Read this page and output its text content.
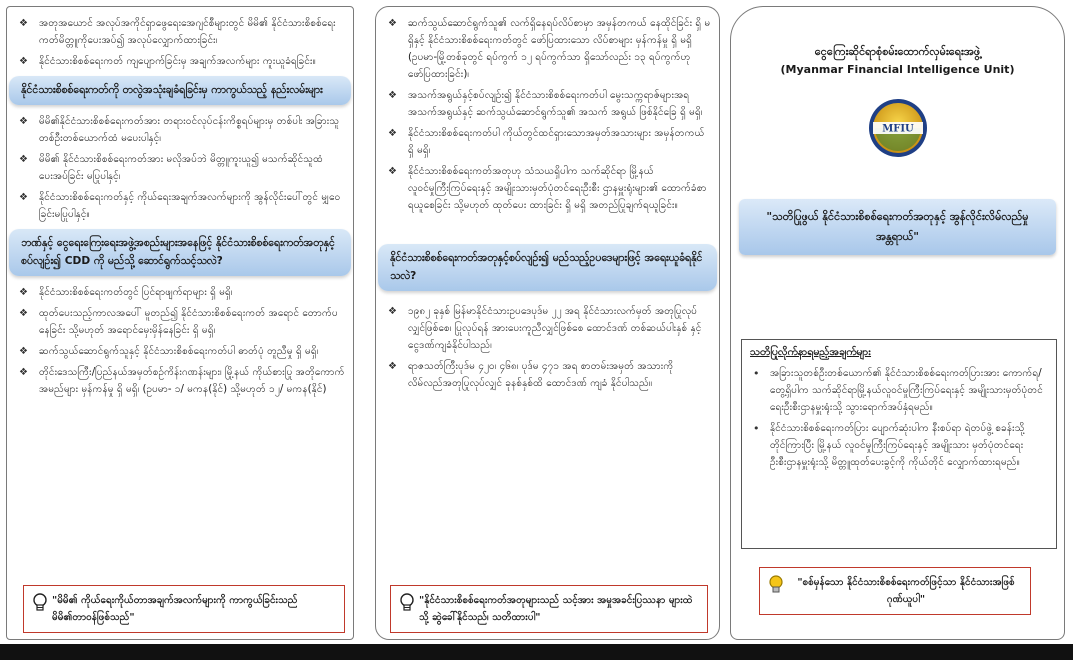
❖ အတုအယောင် အလုပ်အကိုင်ရှာဖွေရေးအေဂျင်စီများတွင် မိမိ၏ နိုင်ငံသားစိစစ်ရေးကတ်မိတ္တူကိုပေးအပ်၍ အလုပ်လျှောက်ထားခြင်း၊
❖ နိုင်ငံသားစိစစ်ရေးကတ် ကျပျောက်ခြင်းမှ အချက်အလက်များ ကူးယူခံရခြင်း။
နိုင်ငံသားစိစစ်ရေးကတ်ကို တလွဲအသုံးချခံရခြင်းမှ ကာကွယ်သည့် နည်းလမ်းများ
❖ မိမိ၏နိုင်ငံသားစိစစ်ရေးကတ်အား တရားဝင်လုပ်ငန်းကိစ္စရပ်များမှ တစ်ပါး အခြားသူတစ်ဦးတစ်ယောက်ထံ မပေးပါနှင့်၊
❖ မိမိ၏ နိုင်ငံသားစိစစ်ရေးကတ်အား မလိုအပ်ဘဲ မိတ္တူကူးယူ၍ မသက်ဆိုင်သူထံ ပေးအပ်ခြင်း မပြုပါနှင့်၊
❖ နိုင်ငံသားစိစစ်ရေးကတ်နှင့် ကိုယ်ရေးအချက်အလက်များကို အွန်လိုင်းပေါ်တွင် မျှဝေခြင်းမပြုပါနှင့်။
ဘဏ်နှင့် ငွေရေးကြေးရေးအဖွဲ့အစည်းများအနေဖြင့် နိုင်ငံသားစိစစ်ရေးကတ်အတုနှင့်စပ်လျဉ်း၍ CDD ကို မည်သို့ ဆောင်ရွက်သင့်သလဲ?
❖ နိုင်ငံသားစိစစ်ရေးကတ်တွင် ပြင်ရာဖျက်ရာများ ရှိ မရှိ၊
❖ ထုတ်ပေးသည့်ကာလအပေါ် မူတည်၍ နိုင်ငံသားစိစစ်ရေးကတ် အရောင် တောက်ပနေခြင်း သို့မဟုတ် အရောင်မှေးမှိန်နေခြင်း ရှိ မရှိ၊
❖ ဆက်သွယ်ဆောင်ရွက်သူနှင့် နိုင်ငံသားစိစစ်ရေးကတ်ပါ ဓာတ်ပုံ တူညီမှု ရှိ မရှိ၊
❖ တိုင်းဒေသကြီး/ပြည်နယ်အမှတ်စဉ်ကိန်းဂဏန်းများ၊ မြို့နယ် ကိုယ်စားပြု အတိုကောက်အမည်များ မှန်ကန်မှု ရှိ မရှိ၊ (ဥပမာ- ၁/ မကန(နိုင်) သို့မဟုတ် ၁၂/ မကန(နိုင်)
"မိမိ၏ ကိုယ်ရေးကိုယ်တာအချက်အလက်များကို ကာကွယ်ခြင်းသည် မိမိ၏တာဝန်ဖြစ်သည်"
❖ ဆက်သွယ်ဆောင်ရွက်သူ၏ လက်ရှိနေရပ်လိပ်စာမှာ အမှန်တကယ် နေထိုင်ခြင်း ရှိ မရှိနှင့် နိုင်ငံသားစိစစ်ရေးကတ်တွင် ဖော်ပြထားသော လိပ်စာများ မှန်ကန်မှု ရှိ မရှိ (ဥပမာ-မြို့တစ်ခုတွင် ရပ်ကွက် ၁၂ ရပ်ကွက်သာ ရှိသော်လည်း ၁၃ ရပ်ကွက်ဟု ဖော်ပြထားခြင်း)၊
❖ အသက်အရွယ်နှင့်စပ်လျဉ်း၍ နိုင်ငံသားစိစစ်ရေးကတ်ပါ မွေးသက္ကရာဇ်များအရ အသက်အရွယ်နှင့် ဆက်သွယ်ဆောင်ရွက်သူ၏ အသက် အရွယ် ဖြစ်နိုင်ခြေ ရှိ မရှိ၊
❖ နိုင်ငံသားစိစစ်ရေးကတ်ပါ ကိုယ်တွင်ထင်ရှားသောအမှတ်အသားများ အမှန်တကယ် ရှိ မရှိ၊
❖ နိုင်ငံသားစိစစ်ရေးကတ်အတုဟု သံသယရှိပါက သက်ဆိုင်ရာ မြို့နယ် လူဝင်မှုကြီးကြပ်ရေးနှင့် အမျိုးသားမှတ်ပုံတင်ရေးဦးစီး ဌာနမှူးရုံးများ၏ ထောက်ခံစာရယူစေခြင်း သို့မဟုတ် ထုတ်ပေး ထားခြင်း ရှိ မရှိ အတည်ပြုချက်ရယူခြင်း။
နိုင်ငံသားစိစစ်ရေးကတ်အတုနှင့်စပ်လျဉ်း၍ မည်သည့်ဥပဒေများဖြင့် အရေးယူခံရနိုင်သလဲ?
❖ ၁၉၈၂ ခုနှစ် မြန်မာနိုင်ငံသားဥပဒေပုဒ်မ ၂၂ အရ နိုင်ငံသားလက်မှတ် အတုပြုလုပ်လျှင်ဖြစ်စေ၊ ပြုလုပ်ရန် အားပေးကူညီလျှင်ဖြစ်စေ ထောင်ဒဏ် တစ်ဆယ်ပါးနှစ် နှင့် ငွေဒဏ်ကျခံနိုင်ပါသည်၊
❖ ရာဇသတ်ကြီးပုဒ်မ ၄၂၀၊ ၄၆၈၊ ပုဒ်မ ၄၇၁ အရ စာတမ်းအမှတ် အသားကို လိမ်လည်အတုပြုလုပ်လျှင် ခုနစ်နှစ်ထိ ထောင်ဒဏ် ကျခံ နိုင်ပါသည်။
"နိုင်ငံသားစိစစ်ရေးကတ်အတုများသည် သင့်အား အမှုအခင်းပြဿနာ များထဲသို့ ဆွဲခေါ်နိုင်သည်၊ သတိထားပါ"
ငွေကြေးဆိုင်ရာစုံစမ်းထောက်လှမ်းရေးအဖွဲ့
(Myanmar Financial Intelligence Unit)
MFIU
"သတိပြုဖွယ် နိုင်ငံသားစိစစ်ရေးကတ်အတုနှင့် အွန်လိုင်းလိမ်လည်မှု အန္တရာယ်"
သတိပြုလိုက်နာရမည့်အချက်များ
• အခြားသူတစ်ဦးတစ်ယောက်၏ နိုင်ငံသားစိစစ်ရေးကတ်ပြားအား ကောက်ရ/တွေ့ရှိပါက သက်ဆိုင်ရာမြို့နယ်လူဝင်မှုကြီးကြပ်ရေးနှင့် အမျိုးသားမှတ်ပုံတင်ရေးဦးစီးဌာနမှူးရုံးသို့ သွားရောက်အပ်နှံရမည်။
• နိုင်ငံသားစိစစ်ရေးကတ်ပြား ပျောက်ဆုံးပါက နီးစပ်ရာ ရဲတပ်ဖွဲ့ စခန်းသို့ တိုင်ကြားပြီး မြို့နယ် လူဝင်မှုကြီးကြပ်ရေးနှင့် အမျိုးသား မှတ်ပုံတင်ရေးဦးစီးဌာနမှူးရုံးသို့ မိတ္တူထုတ်ပေးခွင့်ကို ကိုယ်တိုင် လျှောက်ထားရမည်။
"စစ်မှန်သော နိုင်ငံသားစိစစ်ရေးကတ်ဖြင့်သာ နိုင်ငံသားအဖြစ် ဂုဏ်ယူပါ"
